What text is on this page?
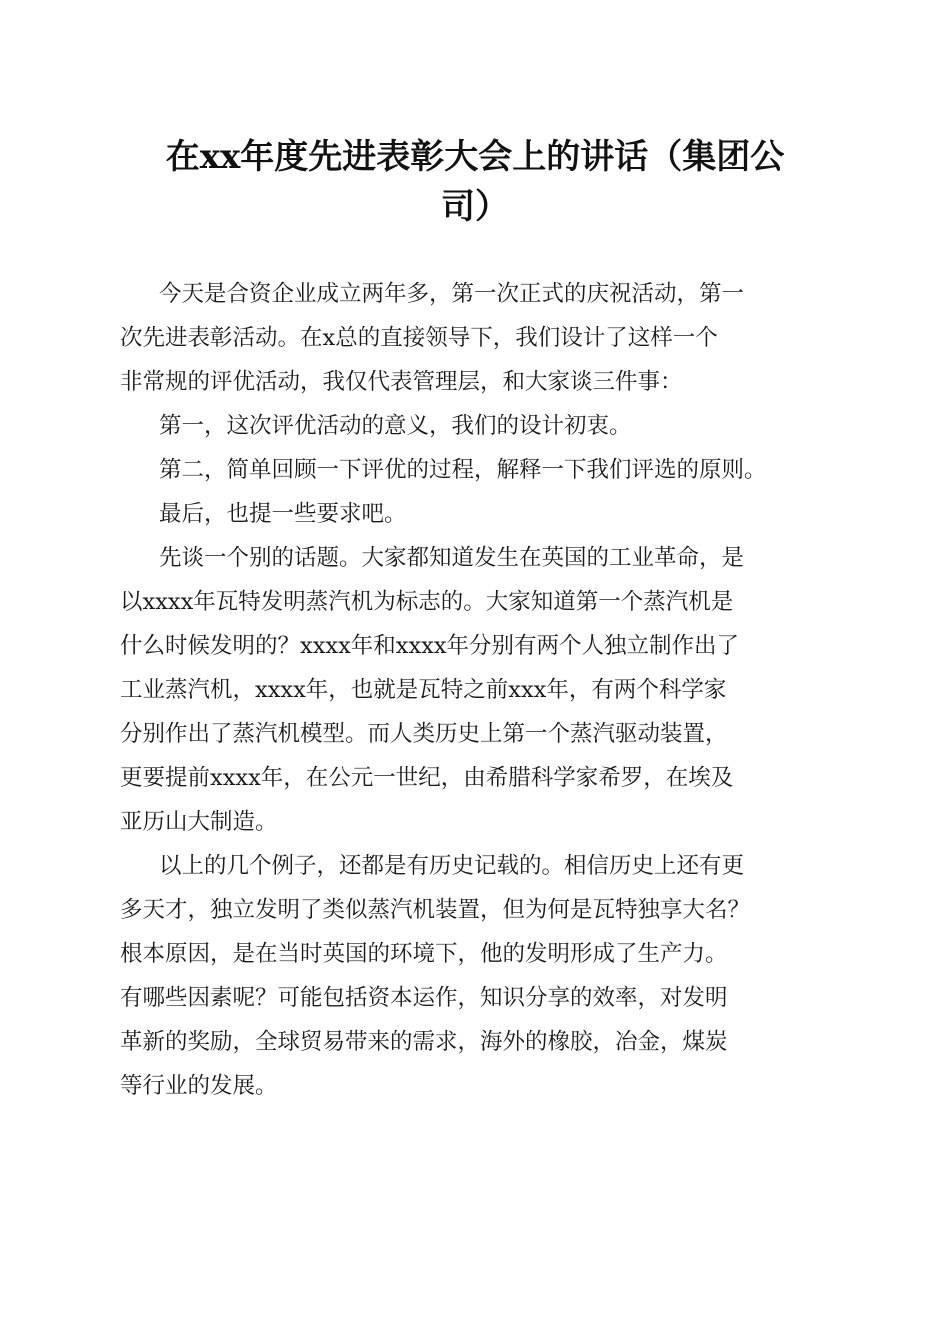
在xx年度先进表彰大会上的讲话（集团公
司）

今天是合资企业成立两年多，第一次正式的庆祝活动，第一
次先进表彰活动。在x总的直接领导下，我们设计了这样一个
非常规的评优活动，我仅代表管理层，和大家谈三件事：

第一，这次评优活动的意义，我们的设计初衷。

第二，简单回顾一下评优的过程，解释一下我们评选的原则。

最后，也提一些要求吧。

先谈一个别的话题。大家都知道发生在英国的工业革命，是
以xxxx年瓦特发明蒸汽机为标志的。大家知道第一个蒸汽机是
什么时候发明的？xxxx年和xxxx年分别有两个人独立制作出了
工业蒸汽机，xxxx年，也就是瓦特之前xxx年，有两个科学家
分别作出了蒸汽机模型。而人类历史上第一个蒸汽驱动装置，
更要提前xxxx年，在公元一世纪，由希腊科学家希罗，在埃及
亚历山大制造。

以上的几个例子，还都是有历史记载的。相信历史上还有更
多天才，独立发明了类似蒸汽机装置，但为何是瓦特独享大名？
根本原因，是在当时英国的环境下，他的发明形成了生产力。
有哪些因素呢？可能包括资本运作，知识分享的效率，对发明
革新的奖励，全球贸易带来的需求，海外的橡胶，冶金，煤炭
等行业的发展。
